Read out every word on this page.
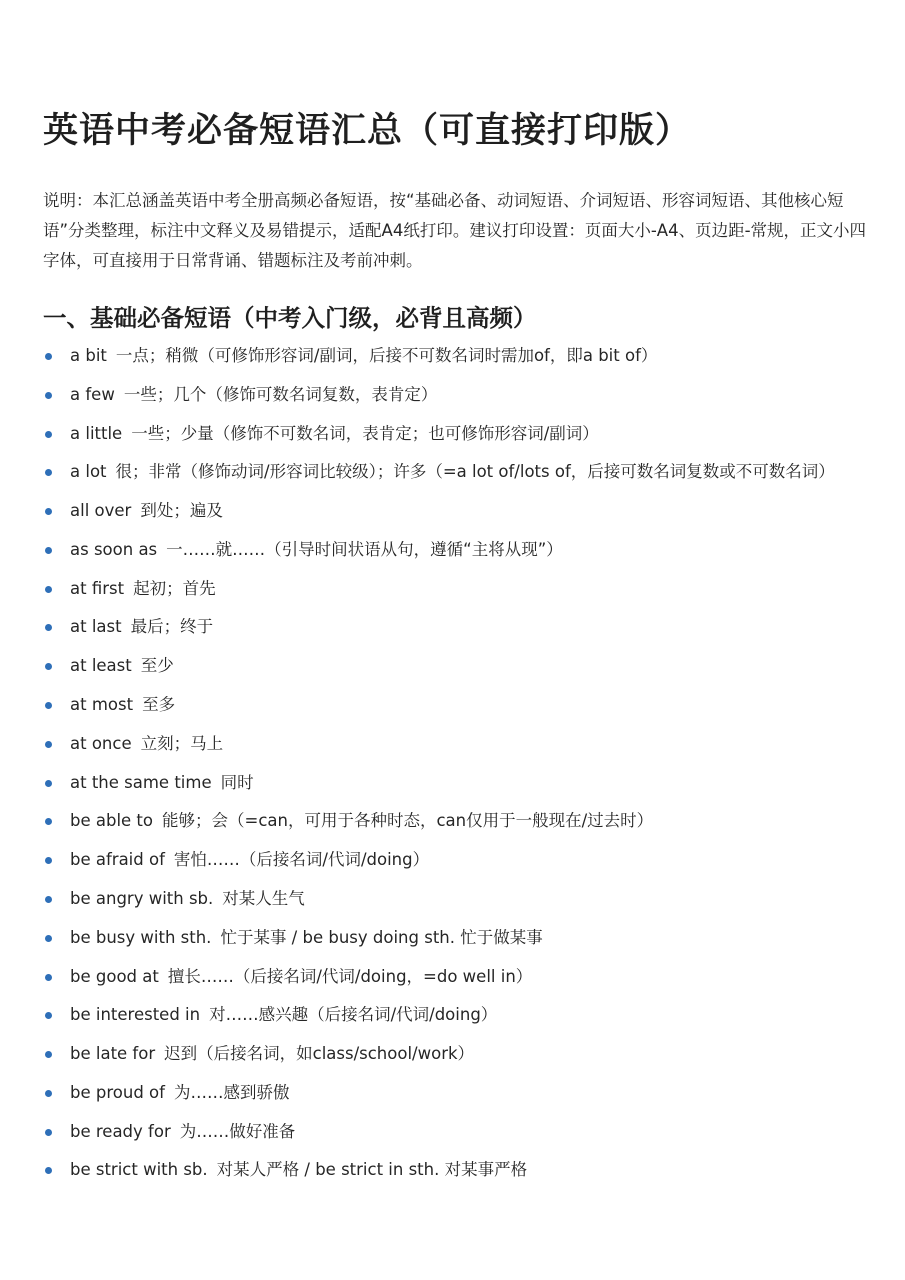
英语中考必备短语汇总（可直接打印版）

说明：本汇总涵盖英语中考全册高频必备短语，按“基础必备、动词短语、介词短语、形容词短语、其他核心短语”分类整理，标注中文释义及易错提示，适配A4纸打印。建议打印设置：页面大小-A4、页边距-常规，正文小四字体，可直接用于日常背诵、错题标注及考前冲刺。

一、基础必备短语（中考入门级，必背且高频）
a bit 一点；稍微（可修饰形容词/副词，后接不可数名词时需加of，即a bit of）
a few 一些；几个（修饰可数名词复数，表肯定）
a little 一些；少量（修饰不可数名词，表肯定；也可修饰形容词/副词）
a lot 很；非常（修饰动词/形容词比较级）；许多（=a lot of/lots of，后接可数名词复数或不可数名词）
all over 到处；遍及
as soon as 一……就……（引导时间状语从句，遵循“主将从现”）
at first 起初；首先
at last 最后；终于
at least 至少
at most 至多
at once 立刻；马上
at the same time 同时
be able to 能够；会（=can，可用于各种时态，can仅用于一般现在/过去时）
be afraid of 害怕……（后接名词/代词/doing）
be angry with sb. 对某人生气
be busy with sth. 忙于某事 / be busy doing sth. 忙于做某事
be good at 擅长……（后接名词/代词/doing，=do well in）
be interested in 对……感兴趣（后接名词/代词/doing）
be late for 迟到（后接名词，如class/school/work）
be proud of 为……感到骄傲
be ready for 为……做好准备
be strict with sb. 对某人严格 / be strict in sth. 对某事严格
